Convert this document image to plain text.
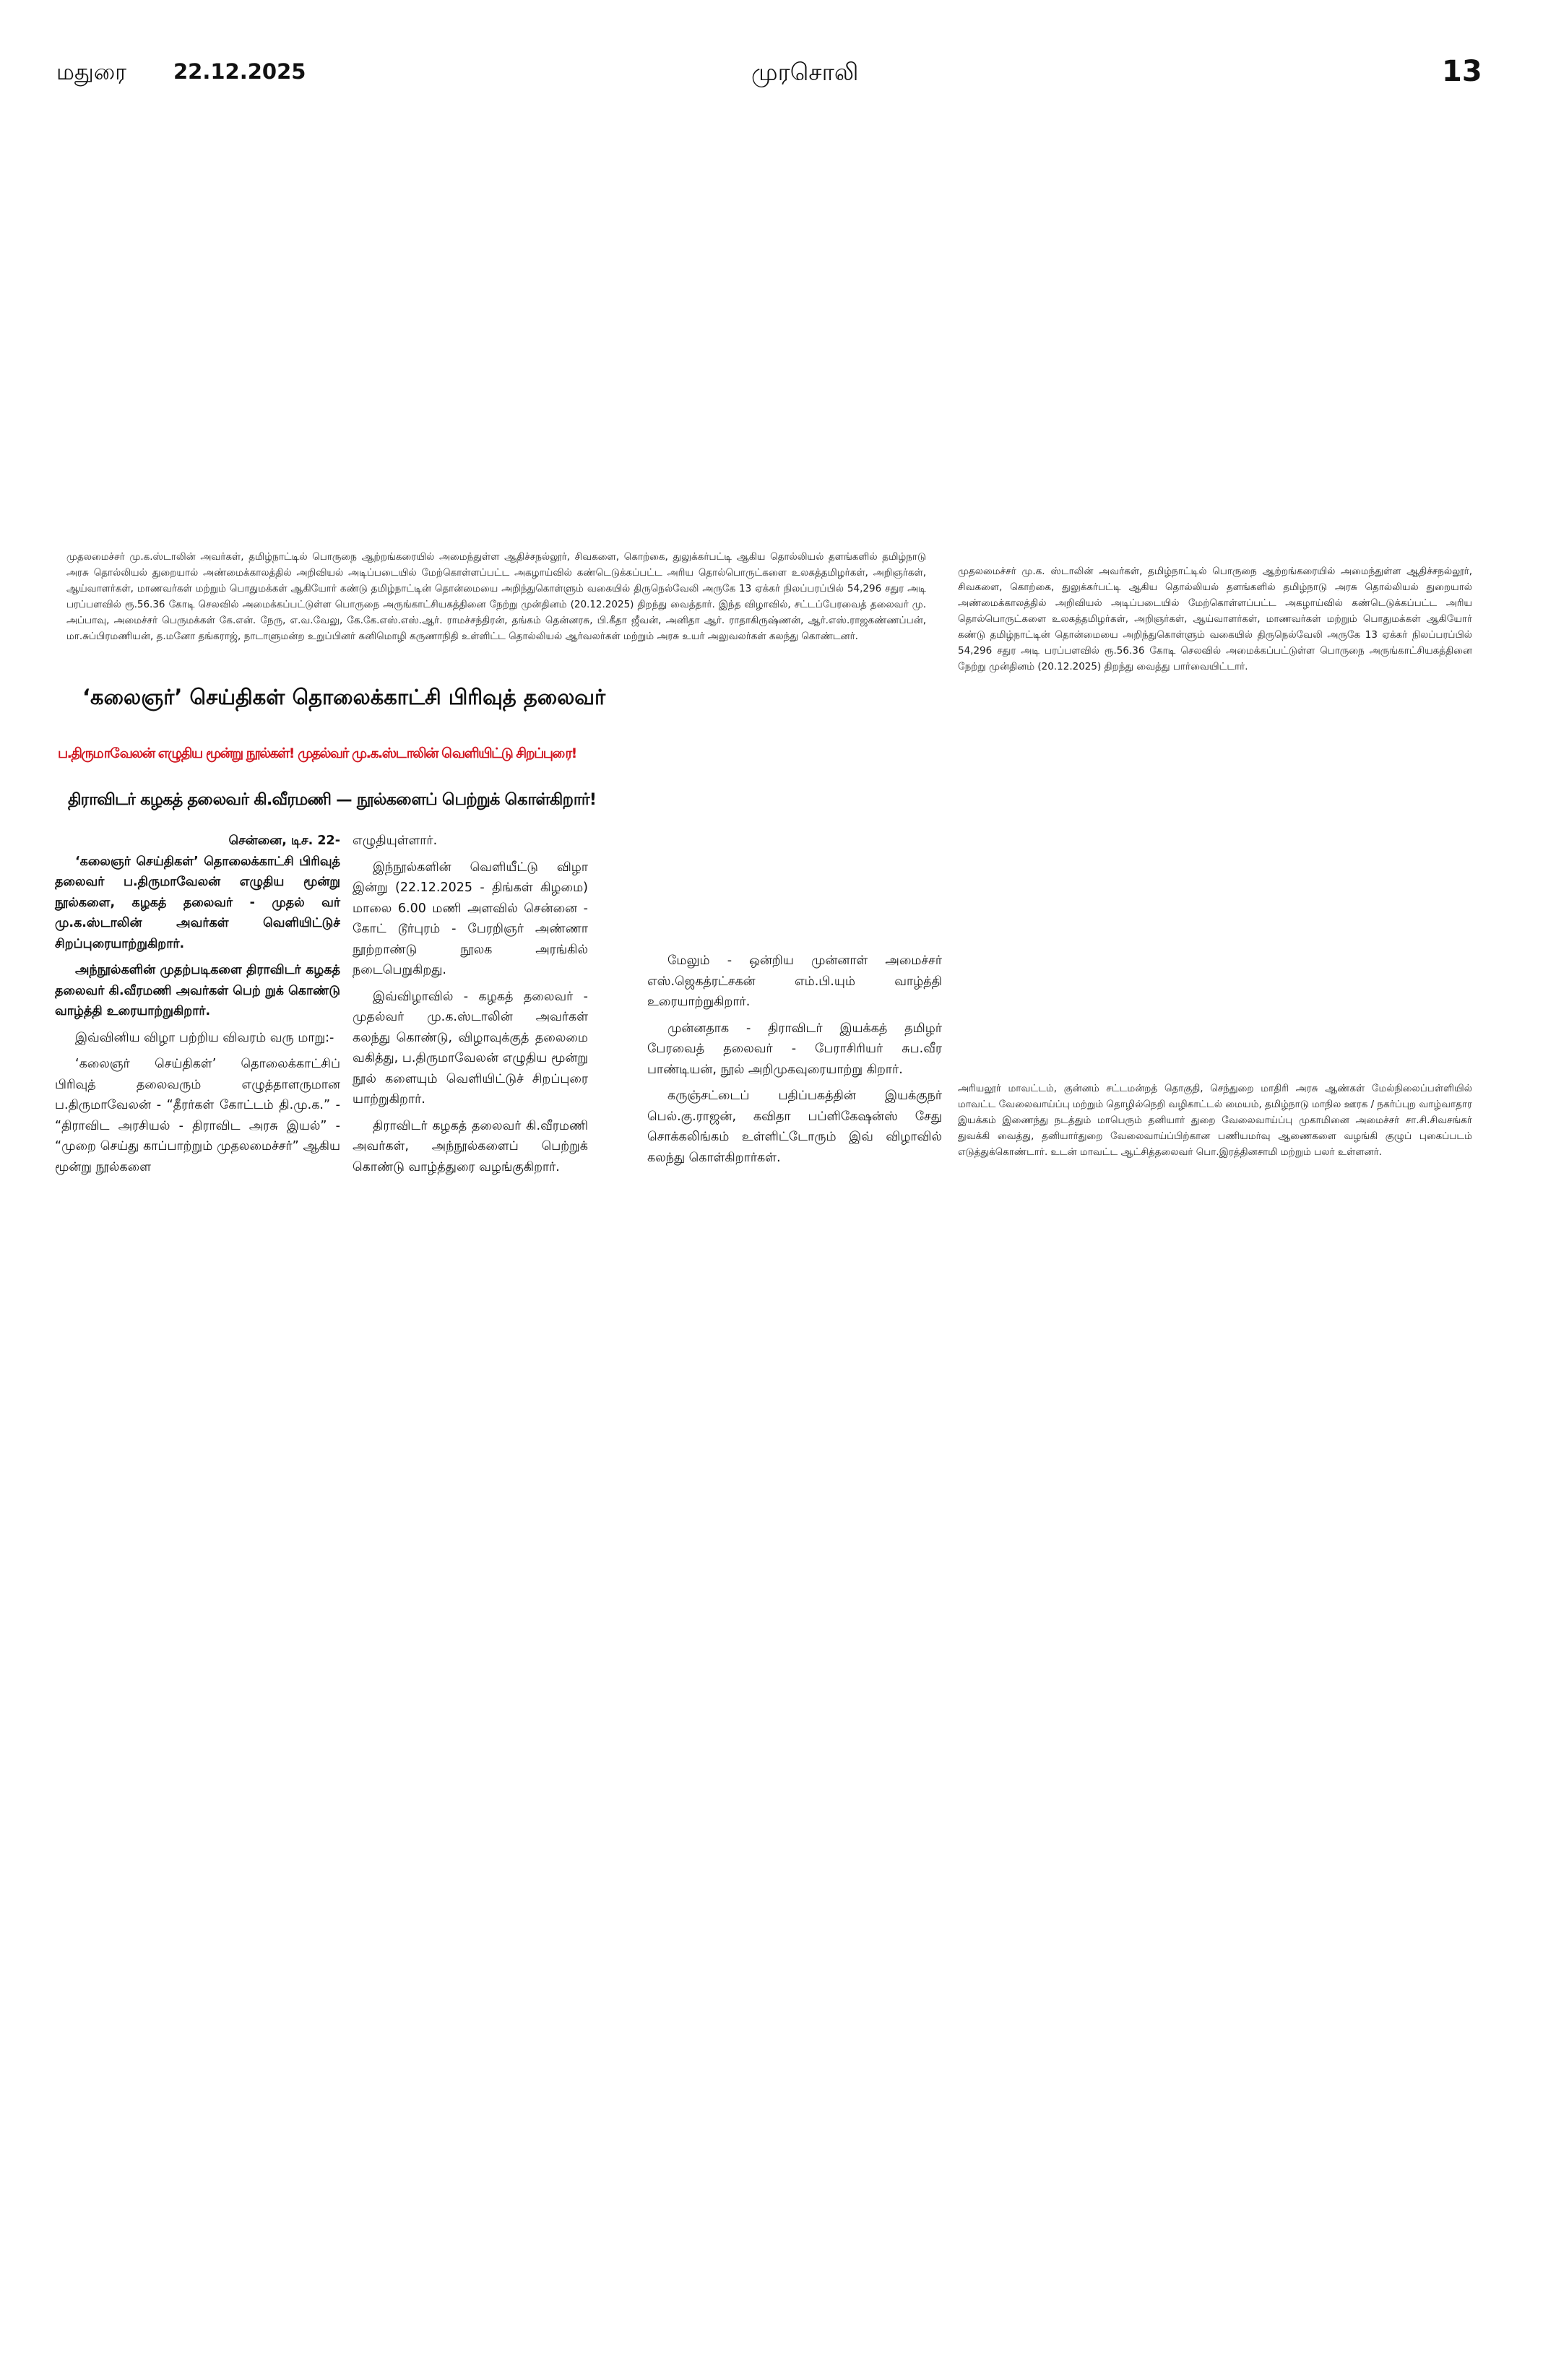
மதுரை 22.12.2025	முரசொலி	13
முதலமைச்சர் மு.க.ஸ்டாலின் அவர்கள், தமிழ்நாட்டில் பொருநை ஆற்றங்கரையில் அமைந்துள்ள ஆதிச்சநல்லூர், சிவகளை, கொற்கை, துலுக்கர்பட்டி ஆகிய தொல்லியல் தளங்களில் தமிழ்நாடு அரசு தொல்லியல் துறையால் அண்மைக்காலத்தில் அறிவியல் அடிப்படையில் மேற்கொள்ளப்பட்ட அகழாய்வில் கண்டெடுக்கப்பட்ட அரிய தொல்பொருட்களை உலகத்தமிழர்கள், அறிஞர்கள், ஆய்வாளர்கள், மாணவர்கள் மற்றும் பொதுமக்கள் ஆகியோர் கண்டு தமிழ்நாட்டின் தொன்மையை அறிந்துகொள்ளும் வகையில் திருநெல்வேலி அருகே 13 ஏக்கர் நிலப்பரப்பில் 54,296 சதுர அடி பரப்பளவில் ரூ.56.36 கோடி செலவில் அமைக்கப்பட்டுள்ள பொருநை அருங்காட்சியகத்தினை நேற்று முன்தினம் (20.12.2025) திறந்து வைத்தார். இந்த விழாவில், சட்டப்பேரவைத் தலைவர் மு. அப்பாவு, அமைச்சர் பெருமக்கள் கே.என். நேரு, எ.வ.வேலு, கே.கே.எஸ்.எஸ்.ஆர். ராமச்சந்திரன், தங்கம் தென்னரசு, பி.கீதா ஜீவன், அனிதா ஆர். ராதாகிருஷ்ணன், ஆர்.எஸ்.ராஜகண்ணப்பன், மா.சுப்பிரமணியன், த.மனோ தங்கராஜ், நாடாளுமன்ற உறுப்பினர் கனிமொழி கருணாநிதி உள்ளிட்ட தொல்லியல் ஆர்வலர்கள் மற்றும் அரசு உயர் அலுவலர்கள் கலந்து கொண்டனர்.
முதலமைச்சர் மு.க. ஸ்டாலின் அவர்கள், தமிழ்நாட்டில் பொருநை ஆற்றங்கரையில் அமைந்துள்ள ஆதிச்சநல்லூர், சிவகளை, கொற்கை, துலுக்கர்பட்டி ஆகிய தொல்லியல் தளங்களில் தமிழ்நாடு அரசு தொல்லியல் துறையால் அண்மைக்காலத்தில் அறிவியல் அடிப்படையில் மேற்கொள்ளப்பட்ட அகழாய்வில் கண்டெடுக்கப்பட்ட அரிய தொல்பொருட்களை உலகத்தமிழர்கள், அறிஞர்கள், ஆய்வாளர்கள், மாணவர்கள் மற்றும் பொதுமக்கள் ஆகியோர் கண்டு தமிழ்நாட்டின் தொன்மையை அறிந்துகொள்ளும் வகையில் திருநெல்வேலி அருகே 13 ஏக்கர் நிலப்பரப்பில் 54,296 சதுர அடி பரப்பளவில் ரூ.56.36 கோடி செலவில் அமைக்கப்பட்டுள்ள பொருநை அருங்காட்சியகத்தினை நேற்று முன்தினம் (20.12.2025) திறந்து வைத்து பார்வையிட்டார்.
அரியலூர் மாவட்டம், குன்னம் சட்டமன்றத் தொகுதி, செந்துறை மாதிரி அரசு ஆண்கள் மேல்நிலைப்பள்ளியில் மாவட்ட வேலைவாய்ப்பு மற்றும் தொழில்நெறி வழிகாட்டல் மையம், தமிழ்நாடு மாநில ஊரக / நகர்ப்புற வாழ்வாதார இயக்கம் இணைந்து நடத்தும் மாபெரும் தனியார் துறை வேலைவாய்ப்பு முகாமினை அமைச்சர் சா.சி.சிவசங்கர் துவக்கி வைத்து, தனியார்துறை வேலைவாய்ப்பிற்கான பணியமர்வு ஆணைகளை வழங்கி குழுப் புகைப்படம் எடுத்துக்கொண்டார். உடன் மாவட்ட ஆட்சித்தலைவர் பொ.இரத்தினசாமி மற்றும் பலர் உள்ளனர்.
‘கலைஞர்’ செய்திகள் தொலைக்காட்சி பிரிவுத் தலைவர்
ப.திருமாவேலன் எழுதிய மூன்று நூல்கள்! முதல்வர் மு.க.ஸ்டாலின் வெளியிட்டு சிறப்புரை!
திராவிடர் கழகத் தலைவர் கி.வீரமணி — நூல்களைப் பெற்றுக் கொள்கிறார்!

சென்னை, டிச. 22-

‘கலைஞர் செய்திகள்’ தொலைக்காட்சி பிரிவுத் தலைவர் ப.திருமாவேலன் எழுதிய மூன்று நூல்களை, கழகத் தலைவர் - முதல் வர் மு.க.ஸ்டாலின் அவர்கள் வெளியிட்டுச் சிறப்புரையாற்றுகிறார்.

அந்நூல்களின் முதற்படிகளை திராவிடர் கழகத் தலைவர் கி.வீரமணி அவர்கள் பெற் றுக் கொண்டு வாழ்த்தி உரையாற்றுகிறார்.

இவ்வினிய விழா பற்றிய விவரம் வரு மாறு:-

‘கலைஞர் செய்திகள்’ தொலைக்காட்சிப் பிரிவுத் தலைவரும் எழுத்தாளருமான ப.திருமாவேலன் - “தீரர்கள் கோட்டம் தி.மு.க.” - “திராவிட அரசியல் - திராவிட அரசு இயல்” - “முறை செய்து காப்பாற்றும் முதலமைச்சர்” ஆகிய மூன்று நூல்களை

எழுதியுள்ளார்.

இந்நூல்களின் வெளியீட்டு விழா இன்று (22.12.2025 - திங்கள் கிழமை) மாலை 6.00 மணி அளவில் சென்னை - கோட் டூர்புரம் - பேரறிஞர் அண்ணா நூற்றாண்டு நூலக அரங்கில் நடைபெறுகிறது.

இவ்விழாவில் - கழகத் தலைவர் - முதல்வர் மு.க.ஸ்டாலின் அவர்கள் கலந்து கொண்டு, விழாவுக்குத் தலைமை வகித்து, ப.திருமாவேலன் எழுதிய மூன்று நூல் களையும் வெளியிட்டுச் சிறப்புரை யாற்றுகிறார்.

திராவிடர் கழகத் தலைவர் கி.வீரமணி அவர்கள், அந்நூல்களைப் பெற்றுக் கொண்டு வாழ்த்துரை வழங்குகிறார்.

மேலும் - ஒன்றிய முன்னாள் அமைச்சர் எஸ்.ஜெகத்ரட்சகன் எம்.பி.யும் வாழ்த்தி உரையாற்றுகிறார்.

முன்னதாக - திராவிடர் இயக்கத் தமிழர் பேரவைத் தலைவர் - பேராசிரியர் சுப.வீர பாண்டியன், நூல் அறிமுகவுரையாற்று கிறார்.

கருஞ்சட்டைப் பதிப்பகத்தின் இயக்குநர் பெல்.கு.ராஜன், கவிதா பப்ளிகேஷன்ஸ் சேது சொக்கலிங்கம் உள்ளிட்டோரும் இவ் விழாவில் கலந்து கொள்கிறார்கள்.
